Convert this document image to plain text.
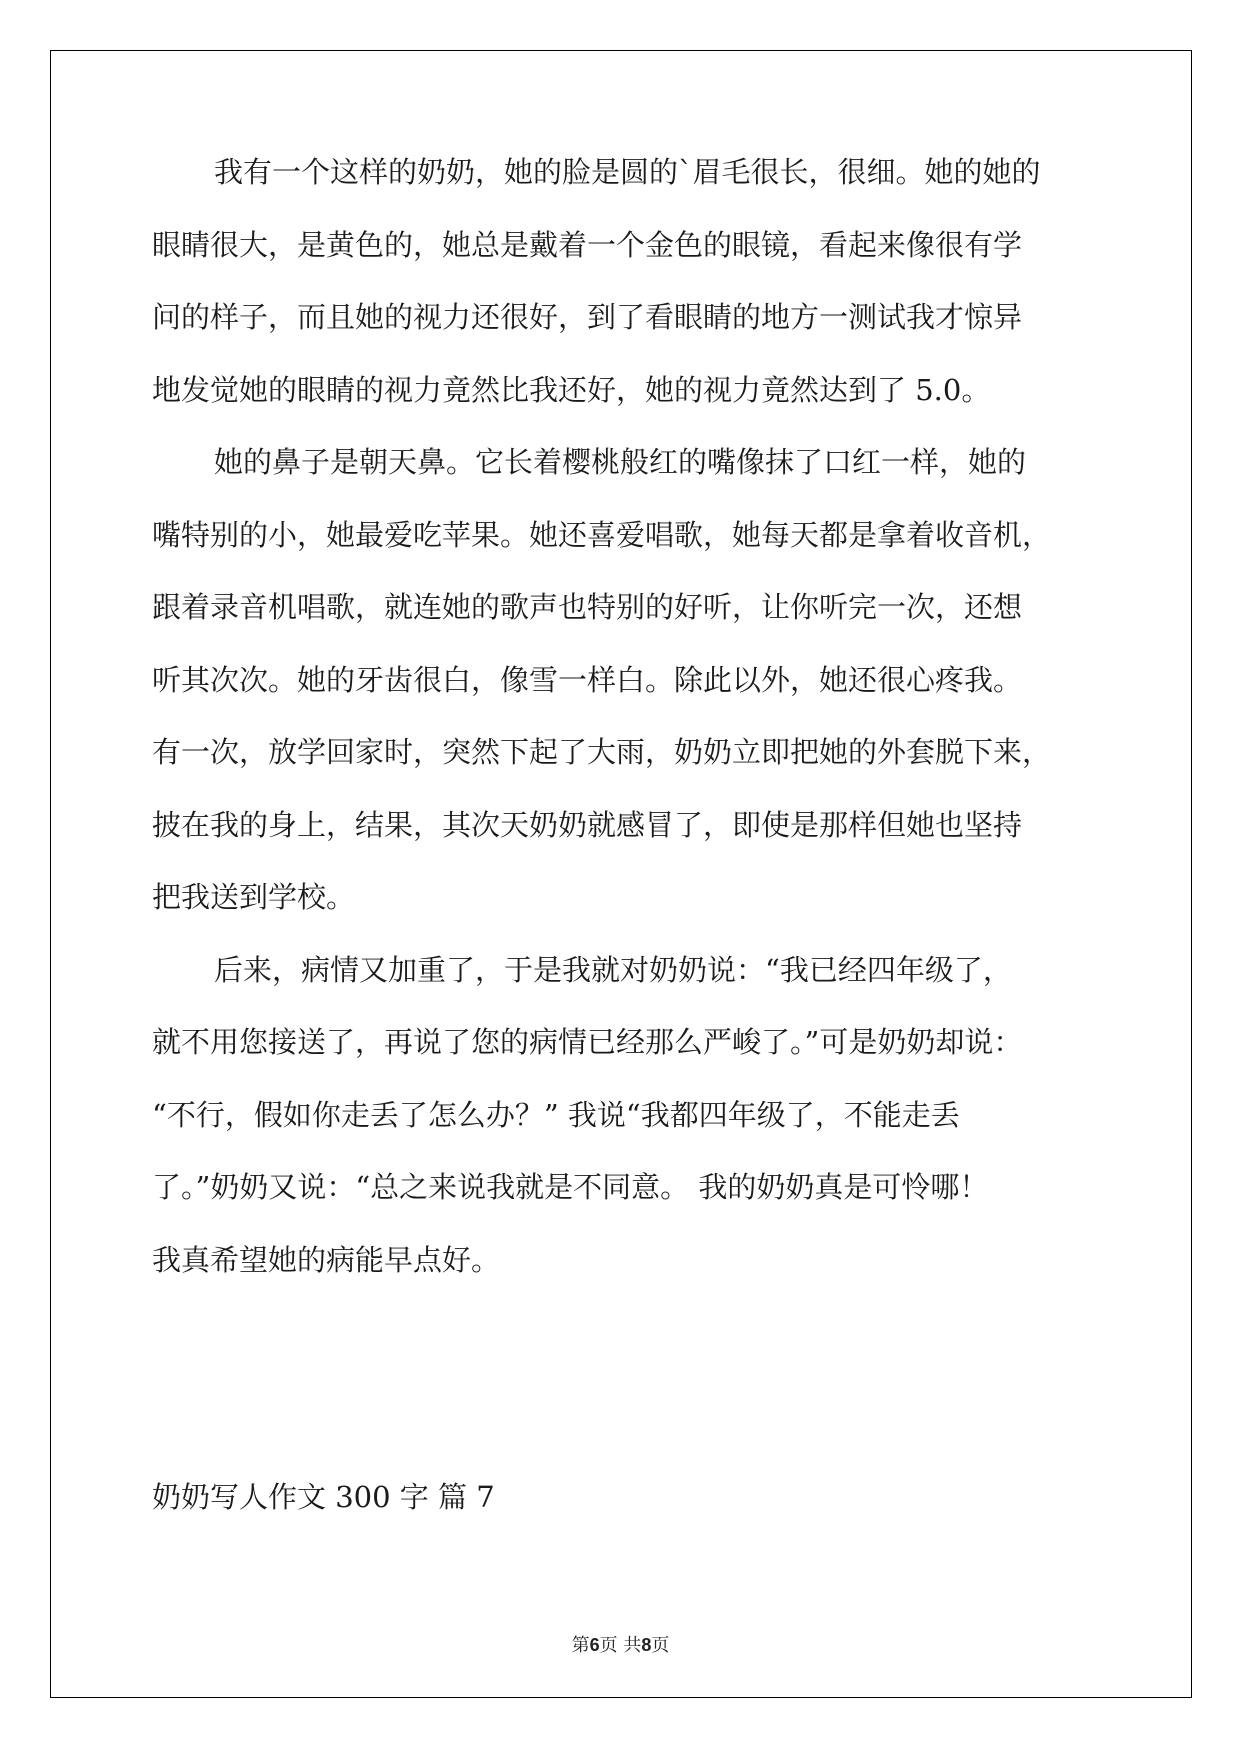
我有一个这样的奶奶，她的脸是圆的`眉毛很长，很细。她的她的

眼睛很大，是黄色的，她总是戴着一个金色的眼镜，看起来像很有学

问的样子，而且她的视力还很好，到了看眼睛的地方一测试我才惊异

地发觉她的眼睛的视力竟然比我还好，她的视力竟然达到了 5.0。

她的鼻子是朝天鼻。它长着樱桃般红的嘴像抹了口红一样，她的

嘴特别的小，她最爱吃苹果。她还喜爱唱歌，她每天都是拿着收音机，

跟着录音机唱歌，就连她的歌声也特别的好听，让你听完一次，还想

听其次次。她的牙齿很白，像雪一样白。除此以外，她还很心疼我。

有一次，放学回家时，突然下起了大雨，奶奶立即把她的外套脱下来，

披在我的身上，结果，其次天奶奶就感冒了，即使是那样但她也坚持

把我送到学校。

后来，病情又加重了，于是我就对奶奶说：“我已经四年级了，

就不用您接送了，再说了您的病情已经那么严峻了。”可是奶奶却说：

“不行，假如你走丢了怎么办？” 我说“我都四年级了，不能走丢

了。”奶奶又说：“总之来说我就是不同意。 我的奶奶真是可怜哪！

我真希望她的病能早点好。

奶奶写人作文 300 字 篇 7

第6页 共8页
